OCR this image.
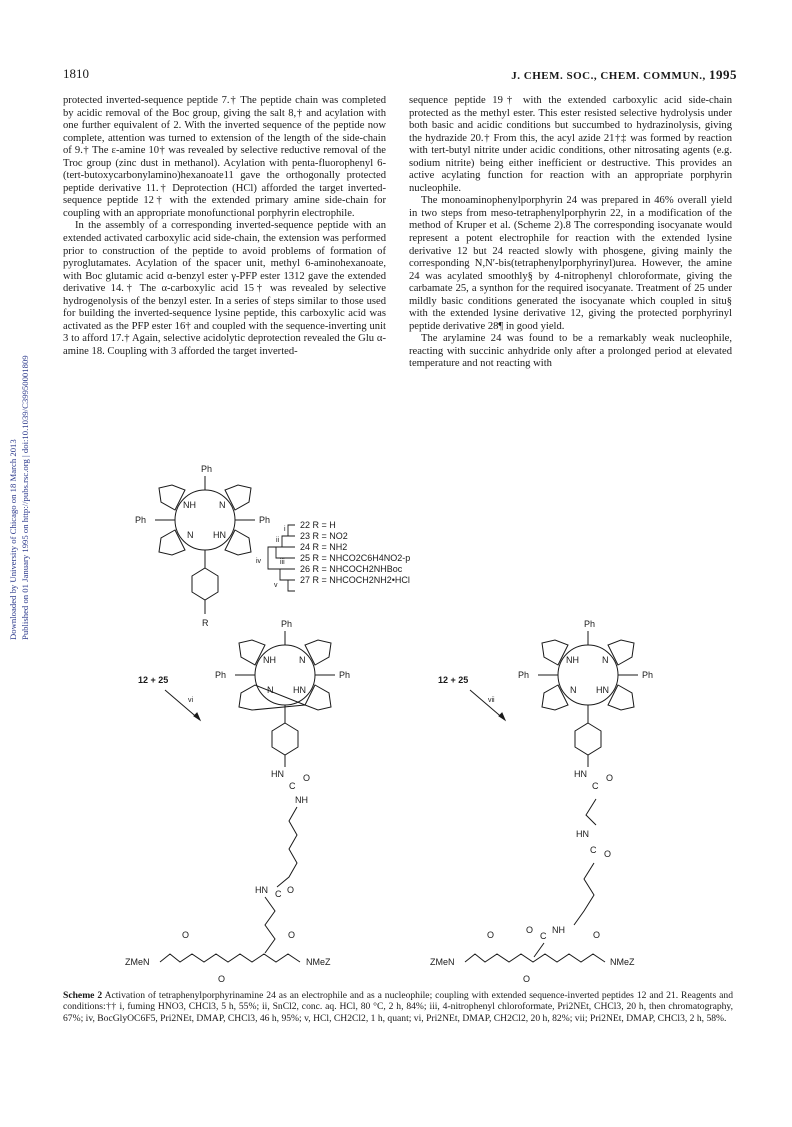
1810	J. CHEM. SOC., CHEM. COMMUN., 1995
Downloaded by University of Chicago on 18 March 2013 Published on 01 January 1995 on http://pubs.rsc.org | doi:10.1039/C39950001809

protected inverted-sequence peptide 7.† The peptide chain was completed by acidic removal of the Boc group, giving the salt 8,† and acylation with one further equivalent of 2. With the inverted sequence of the peptide now complete, attention was turned to extension of the length of the side-chain of 9.† The ε-amine 10† was revealed by selective reductive removal of the Troc group (zinc dust in methanol). Acylation with penta-fluorophenyl 6-(tert-butoxycarbonylamino)hexanoate11 gave the orthogonally protected peptide derivative 11.† Deprotection (HCl) afforded the target inverted-sequence peptide 12† with the extended primary amine side-chain for coupling with an appropriate monofunctional porphyrin electrophile.

In the assembly of a corresponding inverted-sequence peptide with an extended activated carboxylic acid side-chain, the extension was performed prior to construction of the peptide to avoid problems of formation of pyroglutamates. Acylation of the spacer unit, methyl 6-aminohexanoate, with Boc glutamic acid α-benzyl ester γ-PFP ester 1312 gave the extended derivative 14.† The α-carboxylic acid 15† was revealed by selective hydrogenolysis of the benzyl ester. In a series of steps similar to those used for building the inverted-sequence lysine peptide, this carboxylic acid was activated as the PFP ester 16† and coupled with the sequence-inverting unit 3 to afford 17.† Again, selective acidolytic deprotection revealed the Glu α-amine 18. Coupling with 3 afforded the target inverted-

sequence peptide 19† with the extended carboxylic acid side-chain protected as the methyl ester. This ester resisted selective hydrolysis under both basic and acidic conditions but succumbed to hydrazinolysis, giving the hydrazide 20.† From this, the acyl azide 21†‡ was formed by reaction with tert-butyl nitrite under acidic conditions, other nitrosating agents (e.g. sodium nitrite) being either inefficient or destructive. This provides an active acylating function for reaction with an appropriate porphyrin nucleophile.

The monoaminophenylporphyrin 24 was prepared in 46% overall yield in two steps from meso-tetraphenylporphyrin 22, in a modification of the method of Kruper et al. (Scheme 2).8 The corresponding isocyanate would represent a potent electrophile for reaction with the extended lysine derivative 12 but 24 reacted slowly with phosgene, giving mainly the corresponding N,N′-bis(tetraphenylporphyrinyl)urea. However, the amine 24 was acylated smoothly§ by 4-nitrophenyl chloroformate, giving the carbamate 25, a synthon for the required isocyanate. Treatment of 25 under mildly basic conditions generated the isocyanate which coupled in situ§ with the extended lysine derivative 12, giving the protected porphyrinyl peptide derivative 28¶ in good yield.

The arylamine 24 was found to be a remarkably weak nucleophile, reacting with succinic anhydride only after a prolonged period at elevated temperature and not reacting with

Ph
Ph	Ph
NH	N
N HN
R
i
ii
iii
iv
v
22 R = H
23 R = NO2
24 R = NH2
25 R = NHCO2C6H4NO2-p
26 R = NHCOCH2NHBoc
27 R = NHCOCH2NH2•HCl
12 + 25
vi
Ph
Ph	Ph
NH	N
N HN
HN
C
O
NH
HN C O
ZMeN	NMeZ
O
O
O
12 + 25
vii
Ph
Ph	Ph
NH	N
N HN
HN
C
O
HN
C O
NH
C
O
ZMeN	NMeZ
O
O
O
Scheme 2 Activation of tetraphenylporphyrinamine 24 as an electrophile and as a nucleophile; coupling with extended sequence-inverted peptides 12 and 21. Reagents and conditions:†† i, fuming HNO3, CHCl3, 5 h, 55%; ii, SnCl2, conc. aq. HCl, 80 °C, 2 h, 84%; iii, 4-nitrophenyl chloroformate, Pri2NEt, CHCl3, 20 h, then chromatography, 67%; iv, BocGlyOC6F5, Pri2NEt, DMAP, CHCl3, 46 h, 95%; v, HCl, CH2Cl2, 1 h, quant; vi, Pri2NEt, DMAP, CH2Cl2, 20 h, 82%; vii; Pri2NEt, DMAP, CHCl3, 2 h, 58%.
